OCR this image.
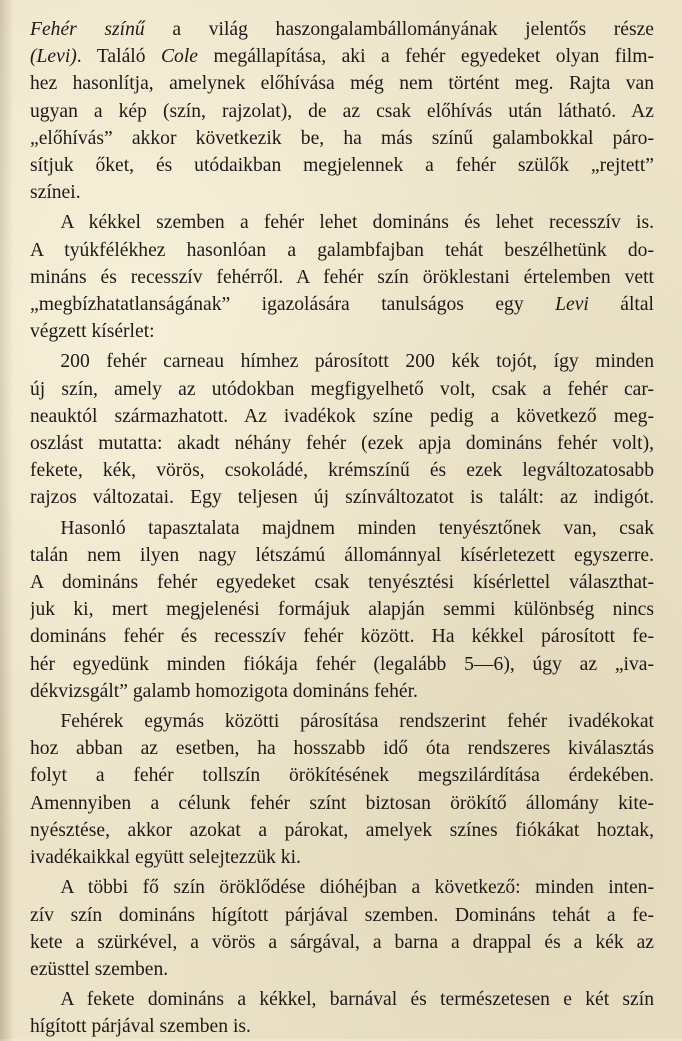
Fehér színű a világ haszongalambállományának jelentős része
(Levi). Találó Cole megállapítása, aki a fehér egyedeket olyan film-
hez hasonlítja, amelynek előhívása még nem történt meg. Rajta van
ugyan a kép (szín, rajzolat), de az csak előhívás után látható. Az
„előhívás” akkor következik be, ha más színű galambokkal páro-
sítjuk őket, és utódaikban megjelennek a fehér szülők „rejtett”
színei.
A kékkel szemben a fehér lehet domináns és lehet recesszív is.
A tyúkfélékhez hasonlóan a galambfajban tehát beszélhetünk do-
mináns és recesszív fehérről. A fehér szín öröklestani értelemben vett
„megbízhatatlanságának” igazolására tanulságos egy Levi által
végzett kísérlet:
200 fehér carneau hímhez párosított 200 kék tojót, így minden
új szín, amely az utódokban megfigyelhető volt, csak a fehér car-
neauktól származhatott. Az ivadékok színe pedig a következő meg-
oszlást mutatta: akadt néhány fehér (ezek apja domináns fehér volt),
fekete, kék, vörös, csokoládé, krémszínű és ezek legváltozatosabb
rajzos változatai. Egy teljesen új színváltozatot is talált: az indigót.
Hasonló tapasztalata majdnem minden tenyésztőnek van, csak
talán nem ilyen nagy létszámú állománnyal kísérletezett egyszerre.
A domináns fehér egyedeket csak tenyésztési kísérlettel választhat-
juk ki, mert megjelenési formájuk alapján semmi különbség nincs
domináns fehér és recesszív fehér között. Ha kékkel párosított fe-
hér egyedünk minden fiókája fehér (legalább 5—6), úgy az „iva-
dékvizsgált” galamb homozigota domináns fehér.
Fehérek egymás közötti párosítása rendszerint fehér ivadékokat
hoz abban az esetben, ha hosszabb idő óta rendszeres kiválasztás
folyt a fehér tollszín örökítésének megszilárdítása érdekében.
Amennyiben a célunk fehér színt biztosan örökítő állomány kite-
nyésztése, akkor azokat a párokat, amelyek színes fiókákat hoztak,
ivadékaikkal együtt selejtezzük ki.
A többi fő szín öröklődése dióhéjban a következő: minden inten-
zív szín domináns hígított párjával szemben. Domináns tehát a fe-
kete a szürkével, a vörös a sárgával, a barna a drappal és a kék az
ezüsttel szemben.
A fekete domináns a kékkel, barnával és természetesen e két szín
hígított párjával szemben is.
